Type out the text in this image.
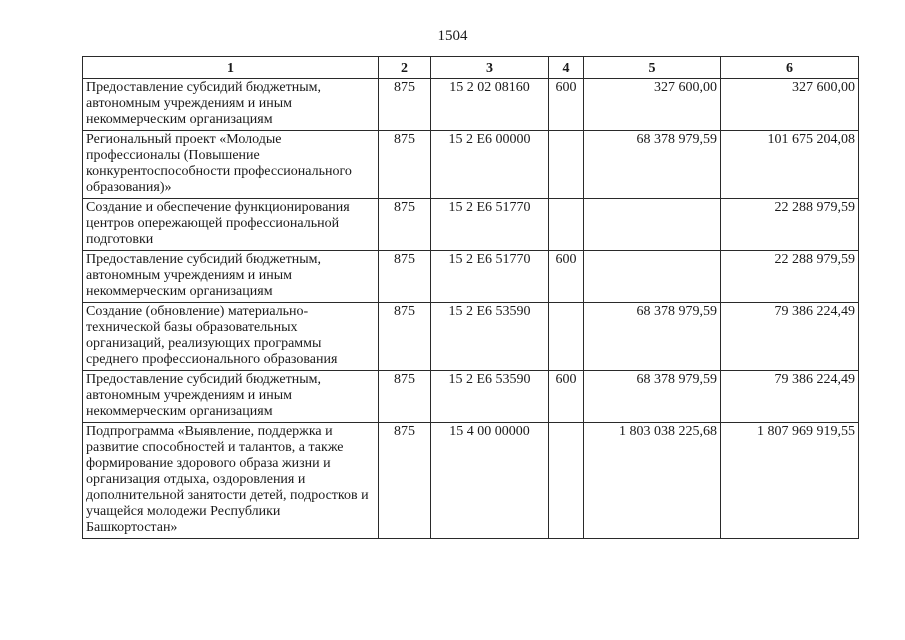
1504
1	2	3	4	5	6
Предоставление субсидий бюджетным, автономным учреждениям и иным некоммерческим организациям	875	15 2 02 08160	600	327 600,00	327 600,00
Региональный проект «Молодые профессионалы (Повышение конкурентоспособности профессионального образования)»	875	15 2 Е6 00000		68 378 979,59	101 675 204,08
Создание и обеспечение функционирования центров опережающей профессиональной подготовки	875	15 2 Е6 51770			22 288 979,59
Предоставление субсидий бюджетным, автономным учреждениям и иным некоммерческим организациям	875	15 2 Е6 51770	600		22 288 979,59
Создание (обновление) материально-технической базы образовательных организаций, реализующих программы среднего профессионального образования	875	15 2 Е6 53590		68 378 979,59	79 386 224,49
Предоставление субсидий бюджетным, автономным учреждениям и иным некоммерческим организациям	875	15 2 Е6 53590	600	68 378 979,59	79 386 224,49
Подпрограмма «Выявление, поддержка и развитие способностей и талантов, а также формирование здорового образа жизни и организация отдыха, оздоровления и дополнительной занятости детей, подростков и учащейся молодежи Республики Башкортостан»	875	15 4 00 00000		1 803 038 225,68	1 807 969 919,55
